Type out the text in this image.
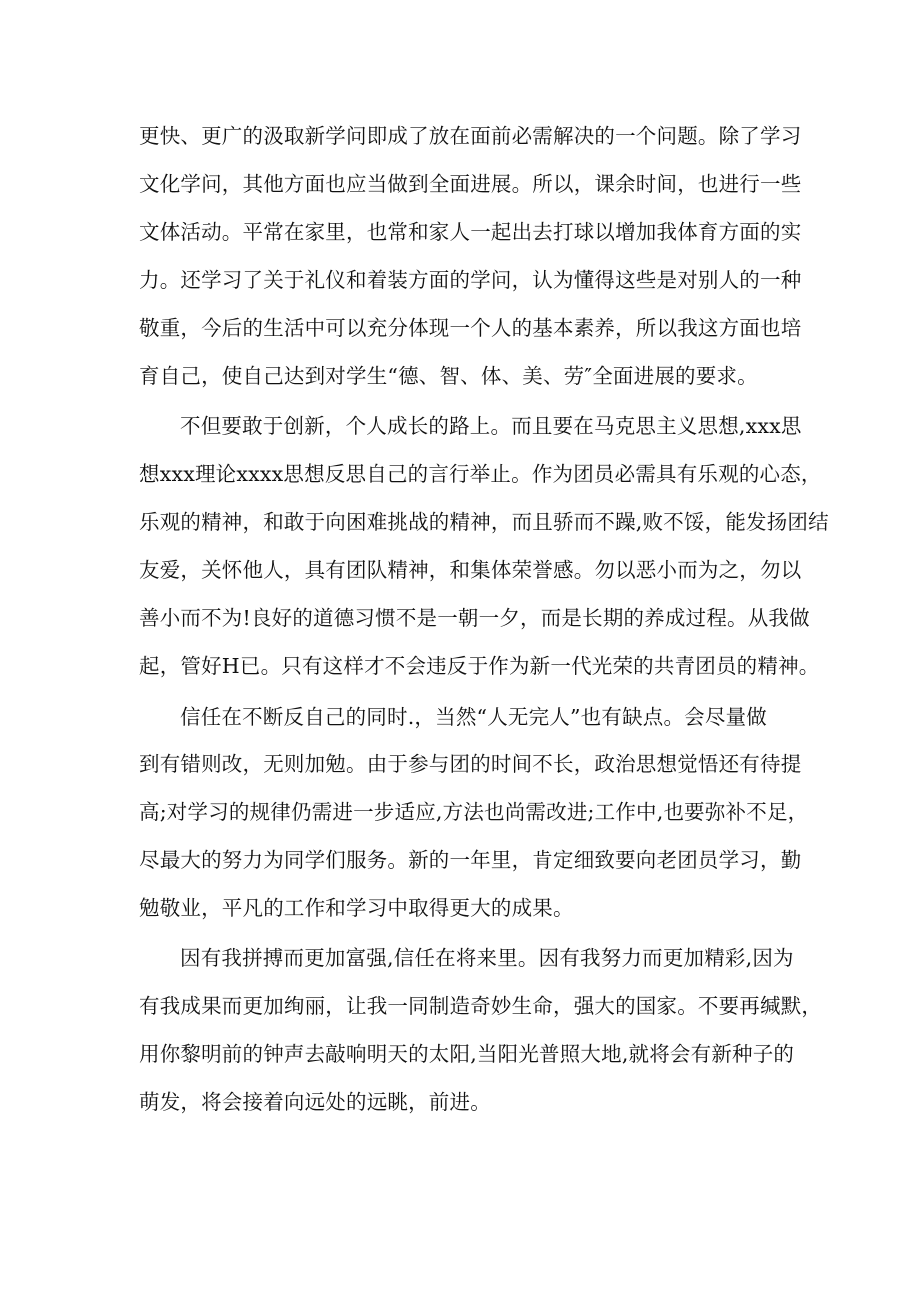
更快、更广的汲取新学问即成了放在面前必需解决的一个问题。除了学习

文化学问，其他方面也应当做到全面进展。所以，课余时间，也进行一些

文体活动。平常在家里，也常和家人一起出去打球以增加我体育方面的实

力。还学习了关于礼仪和着装方面的学问，认为懂得这些是对别人的一种

敬重，今后的生活中可以充分体现一个人的基本素养，所以我这方面也培

育自己，使自己达到对学生“德、智、体、美、劳″全面进展的要求。

不但要敢于创新，个人成长的路上。而且要在马克思主义思想,xxx思

想xxx理论xxxx思想反思自己的言行举止。作为团员必需具有乐观的心态，

乐观的精神，和敢于向困难挑战的精神，而且骄而不躁,败不馁，能发扬团结

友爱，关怀他人，具有团队精神，和集体荣誉感。勿以恶小而为之，勿以

善小而不为!良好的道德习惯不是一朝一夕，而是长期的养成过程。从我做

起，管好H已。只有这样才不会违反于作为新一代光荣的共青团员的精神。

信任在不断反自己的同时.，当然“人无完人”也有缺点。会尽量做

到有错则改，无则加勉。由于参与团的时间不长，政治思想觉悟还有待提

高;对学习的规律仍需进一步适应,方法也尚需改进;工作中,也要弥补不足，

尽最大的努力为同学们服务。新的一年里，肯定细致要向老团员学习，勤

勉敬业，平凡的工作和学习中取得更大的成果。

因有我拼搏而更加富强,信任在将来里。因有我努力而更加精彩,因为

有我成果而更加绚丽，让我一同制造奇妙生命，强大的国家。不要再缄默，

用你黎明前的钟声去敲响明天的太阳,当阳光普照大地,就将会有新种子的

萌发，将会接着向远处的远眺，前进。
